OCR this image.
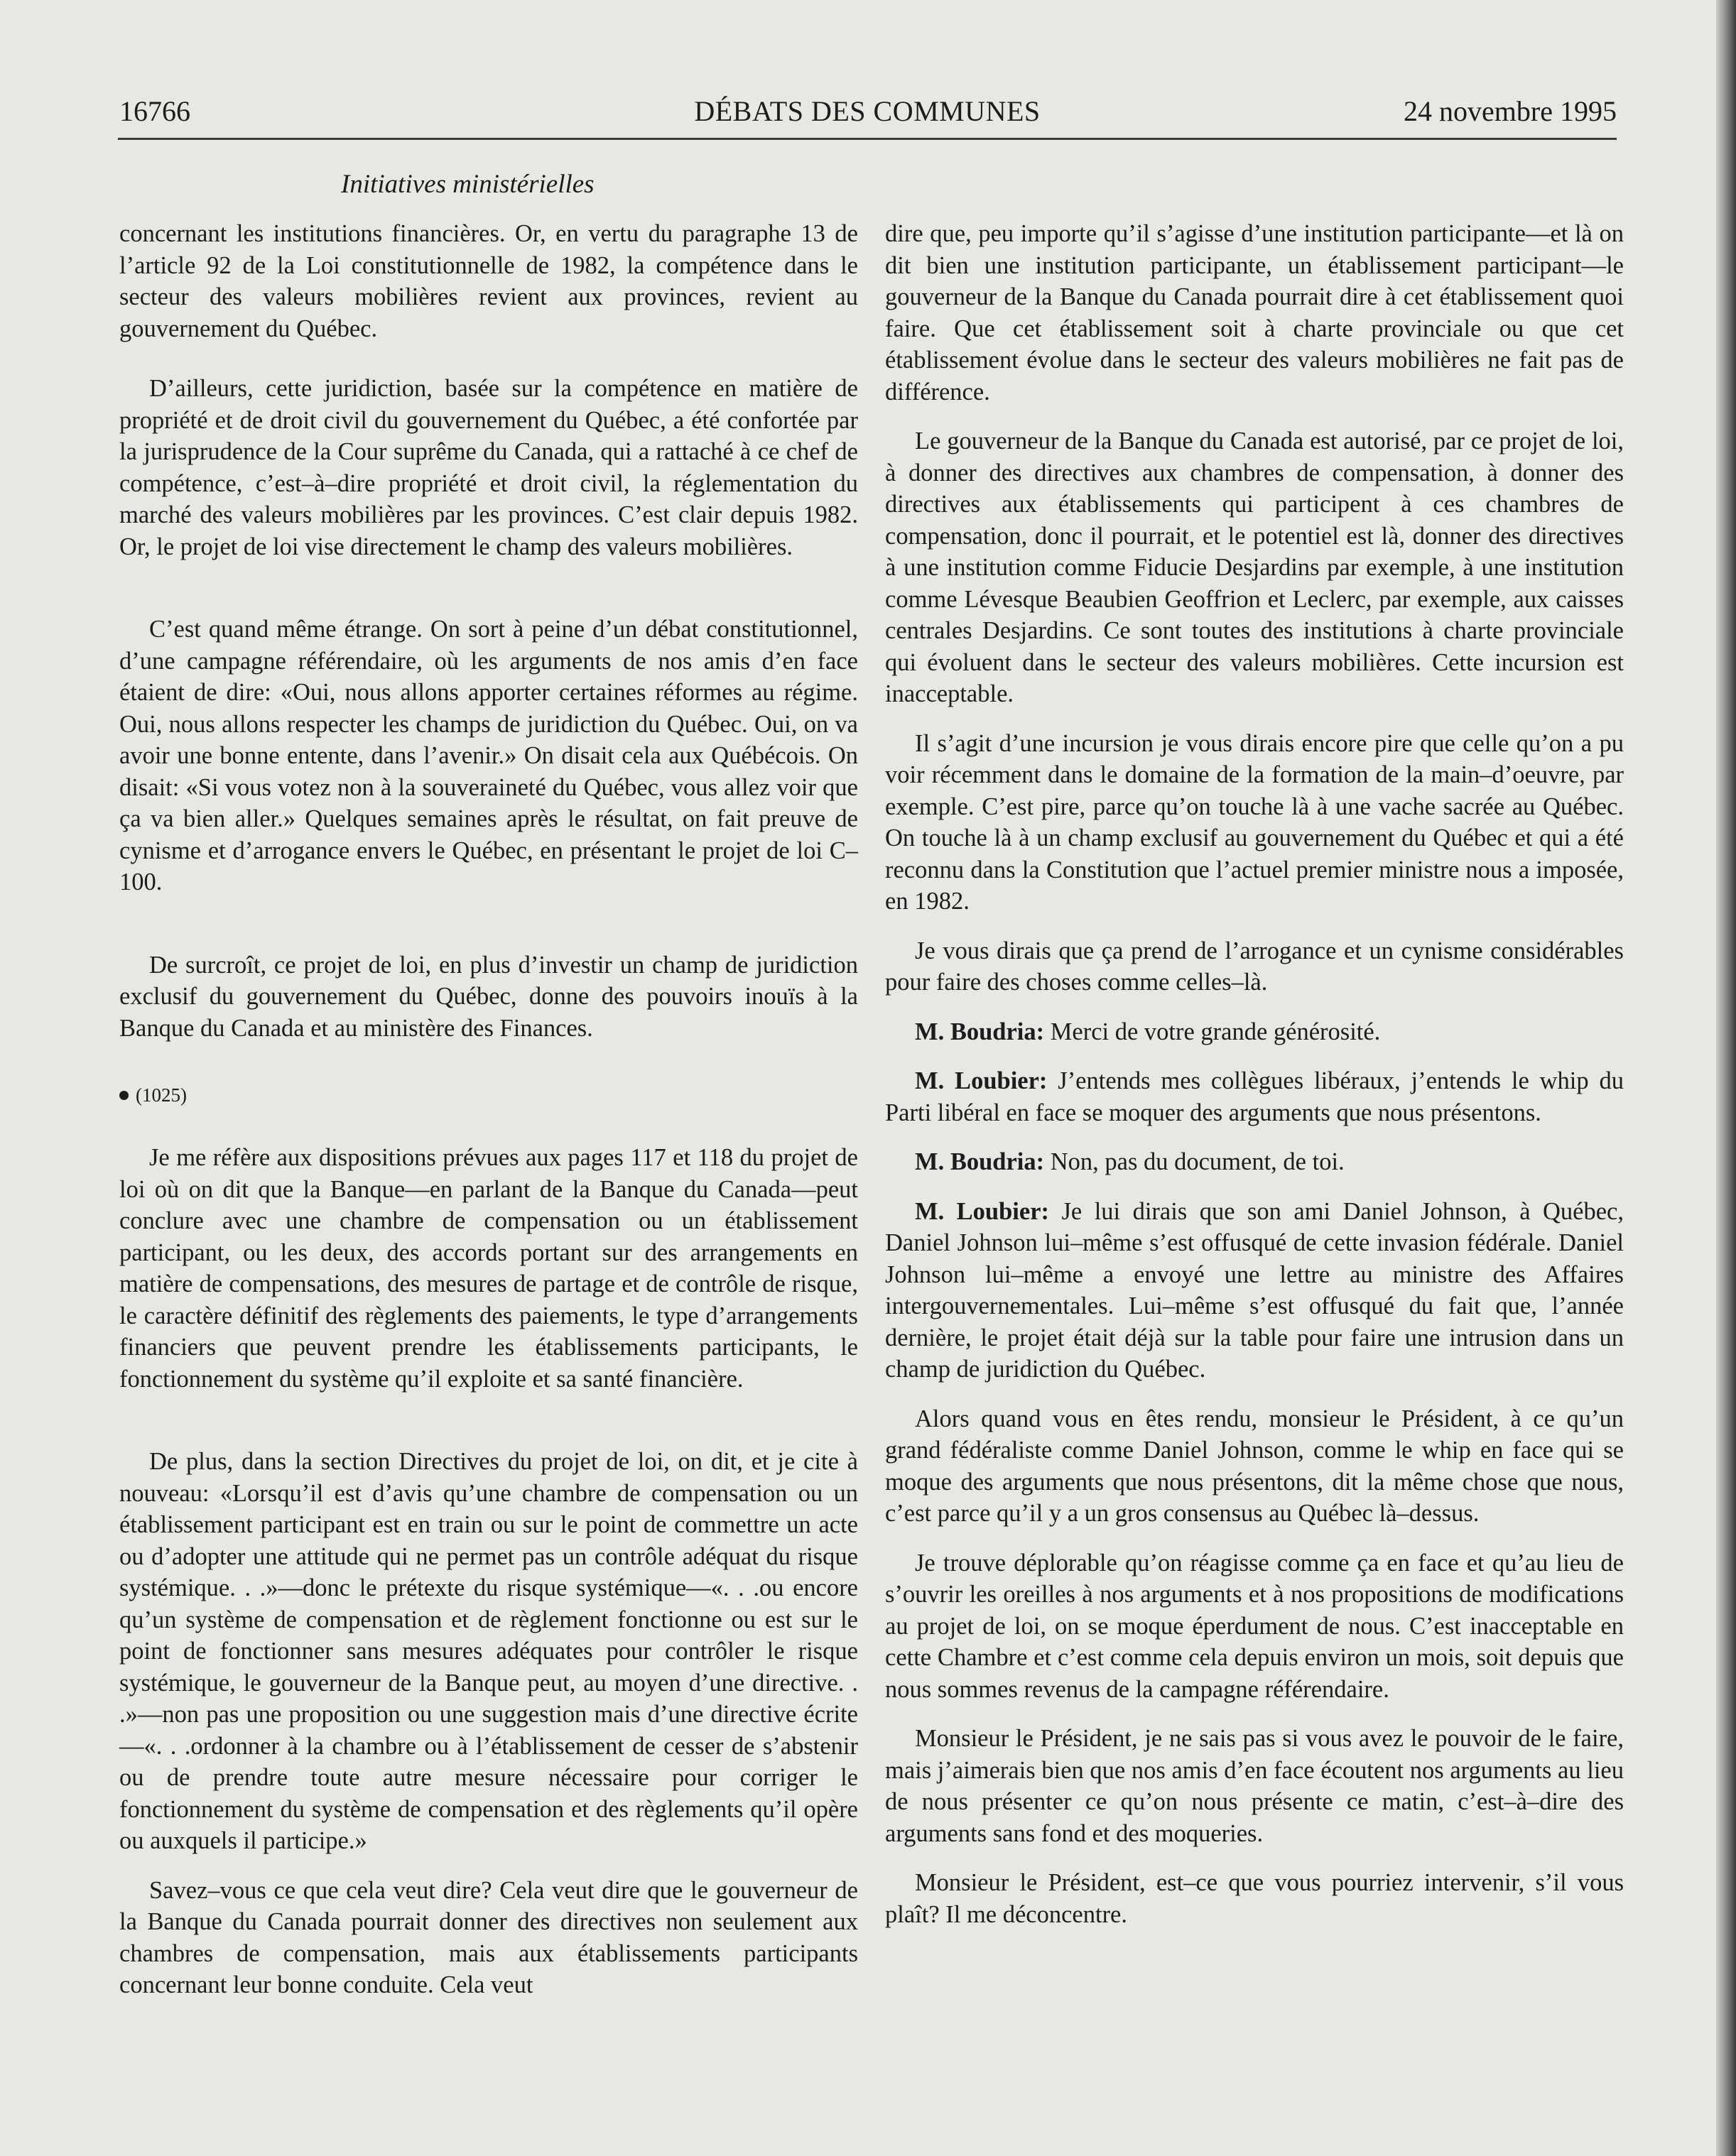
16766	DÉBATS DES COMMUNES	24 novembre 1995
Initiatives ministérielles

concernant les institutions financières. Or, en vertu du paragraphe 13 de l’article 92 de la Loi constitutionnelle de 1982, la compétence dans le secteur des valeurs mobilières revient aux provinces, revient au gouvernement du Québec.

D’ailleurs, cette juridiction, basée sur la compétence en matière de propriété et de droit civil du gouvernement du Québec, a été confortée par la jurisprudence de la Cour suprême du Canada, qui a rattaché à ce chef de compétence, c’est–à–dire propriété et droit civil, la réglementation du marché des valeurs mobilières par les provinces. C’est clair depuis 1982. Or, le projet de loi vise directement le champ des valeurs mobilières.

C’est quand même étrange. On sort à peine d’un débat constitutionnel, d’une campagne référendaire, où les arguments de nos amis d’en face étaient de dire: «Oui, nous allons apporter certaines réformes au régime. Oui, nous allons respecter les champs de juridiction du Québec. Oui, on va avoir une bonne entente, dans l’avenir.» On disait cela aux Québécois. On disait: «Si vous votez non à la souveraineté du Québec, vous allez voir que ça va bien aller.» Quelques semaines après le résultat, on fait preuve de cynisme et d’arrogance envers le Québec, en présentant le projet de loi C–100.

De surcroît, ce projet de loi, en plus d’investir un champ de juridiction exclusif du gouvernement du Québec, donne des pouvoirs inouïs à la Banque du Canada et au ministère des Finances.

(1025)

Je me réfère aux dispositions prévues aux pages 117 et 118 du projet de loi où on dit que la Banque—en parlant de la Banque du Canada—peut conclure avec une chambre de compensation ou un établissement participant, ou les deux, des accords portant sur des arrangements en matière de compensations, des mesures de partage et de contrôle de risque, le caractère définitif des règlements des paiements, le type d’arrangements financiers que peuvent prendre les établissements participants, le fonctionnement du système qu’il exploite et sa santé financière.

De plus, dans la section Directives du projet de loi, on dit, et je cite à nouveau: «Lorsqu’il est d’avis qu’une chambre de compensation ou un établissement participant est en train ou sur le point de commettre un acte ou d’adopter une attitude qui ne permet pas un contrôle adéquat du risque systémique. . .»—donc le prétexte du risque systémique—«. . .ou encore qu’un système de compensation et de règlement fonctionne ou est sur le point de fonctionner sans mesures adéquates pour contrôler le risque systémique, le gouverneur de la Banque peut, au moyen d’une directive. . .»—non pas une proposition ou une suggestion mais d’une directive écrite—«. . .ordonner à la chambre ou à l’établissement de cesser de s’abstenir ou de prendre toute autre mesure nécessaire pour corriger le fonctionnement du système de compensation et des règlements qu’il opère ou auxquels il participe.»

Savez–vous ce que cela veut dire? Cela veut dire que le gouverneur de la Banque du Canada pourrait donner des directives non seulement aux chambres de compensation, mais aux établissements participants concernant leur bonne conduite. Cela veut

dire que, peu importe qu’il s’agisse d’une institution participante—et là on dit bien une institution participante, un établissement participant—le gouverneur de la Banque du Canada pourrait dire à cet établissement quoi faire. Que cet établissement soit à charte provinciale ou que cet établissement évolue dans le secteur des valeurs mobilières ne fait pas de différence.

Le gouverneur de la Banque du Canada est autorisé, par ce projet de loi, à donner des directives aux chambres de compensation, à donner des directives aux établissements qui participent à ces chambres de compensation, donc il pourrait, et le potentiel est là, donner des directives à une institution comme Fiducie Desjardins par exemple, à une institution comme Lévesque Beaubien Geoffrion et Leclerc, par exemple, aux caisses centrales Desjardins. Ce sont toutes des institutions à charte provinciale qui évoluent dans le secteur des valeurs mobilières. Cette incursion est inacceptable.

Il s’agit d’une incursion je vous dirais encore pire que celle qu’on a pu voir récemment dans le domaine de la formation de la main–d’oeuvre, par exemple. C’est pire, parce qu’on touche là à une vache sacrée au Québec. On touche là à un champ exclusif au gouvernement du Québec et qui a été reconnu dans la Constitution que l’actuel premier ministre nous a imposée, en 1982.

Je vous dirais que ça prend de l’arrogance et un cynisme considérables pour faire des choses comme celles–là.

M. Boudria: Merci de votre grande générosité.

M. Loubier: J’entends mes collègues libéraux, j’entends le whip du Parti libéral en face se moquer des arguments que nous présentons.

M. Boudria: Non, pas du document, de toi.

M. Loubier: Je lui dirais que son ami Daniel Johnson, à Québec, Daniel Johnson lui–même s’est offusqué de cette invasion fédérale. Daniel Johnson lui–même a envoyé une lettre au ministre des Affaires intergouvernementales. Lui–même s’est offusqué du fait que, l’année dernière, le projet était déjà sur la table pour faire une intrusion dans un champ de juridiction du Québec.

Alors quand vous en êtes rendu, monsieur le Président, à ce qu’un grand fédéraliste comme Daniel Johnson, comme le whip en face qui se moque des arguments que nous présentons, dit la même chose que nous, c’est parce qu’il y a un gros consensus au Québec là–dessus.

Je trouve déplorable qu’on réagisse comme ça en face et qu’au lieu de s’ouvrir les oreilles à nos arguments et à nos propositions de modifications au projet de loi, on se moque éperdument de nous. C’est inacceptable en cette Chambre et c’est comme cela depuis environ un mois, soit depuis que nous sommes revenus de la campagne référendaire.

Monsieur le Président, je ne sais pas si vous avez le pouvoir de le faire, mais j’aimerais bien que nos amis d’en face écoutent nos arguments au lieu de nous présenter ce qu’on nous présente ce matin, c’est–à–dire des arguments sans fond et des moqueries.

Monsieur le Président, est–ce que vous pourriez intervenir, s’il vous plaît? Il me déconcentre.
